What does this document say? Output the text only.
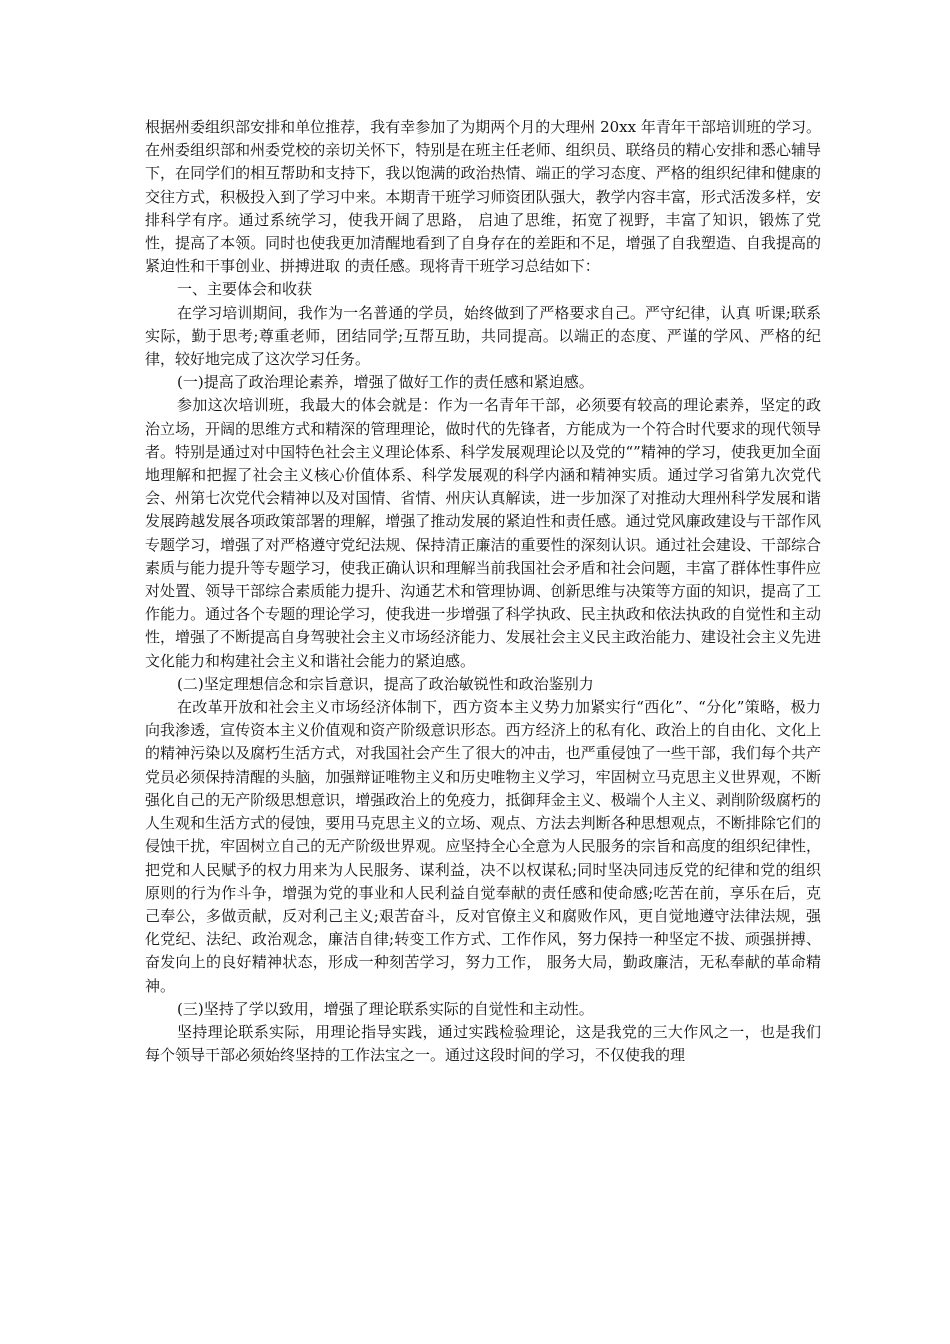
根据州委组织部安排和单位推荐，我有幸参加了为期两个月的大理州 20xx 年青年干部培训班的学习。在州委组织部和州委党校的亲切关怀下，特别是在班主任老师、组织员、联络员的精心安排和悉心辅导下，在同学们的相互帮助和支持下，我以饱满的政治热情、端正的学习态度、严格的组织纪律和健康的交往方式，积极投入到了学习中来。本期青干班学习师资团队强大，教学内容丰富，形式活泼多样，安排科学有序。通过系统学习，使我开阔了思路， 启迪了思维，拓宽了视野，丰富了知识，锻炼了党性，提高了本领。同时也使我更加清醒地看到了自身存在的差距和不足，增强了自我塑造、自我提高的紧迫性和干事创业、拼搏进取 的责任感。现将青干班学习总结如下：

一、主要体会和收获

在学习培训期间，我作为一名普通的学员，始终做到了严格要求自己。严守纪律，认真 听课;联系实际，勤于思考;尊重老师，团结同学;互帮互助，共同提高。以端正的态度、严谨的学风、严格的纪律，较好地完成了这次学习任务。

(一)提高了政治理论素养，增强了做好工作的责任感和紧迫感。

参加这次培训班，我最大的体会就是：作为一名青年干部，必须要有较高的理论素养，坚定的政治立场，开阔的思维方式和精深的管理理论，做时代的先锋者，方能成为一个符合时代要求的现代领导者。特别是通过对中国特色社会主义理论体系、科学发展观理论以及党的“”精神的学习，使我更加全面地理解和把握了社会主义核心价值体系、科学发展观的科学内涵和精神实质。通过学习省第九次党代会、州第七次党代会精神以及对国情、省情、州庆认真解读，进一步加深了对推动大理州科学发展和谐发展跨越发展各项政策部署的理解，增强了推动发展的紧迫性和责任感。通过党风廉政建设与干部作风专题学习，增强了对严格遵守党纪法规、保持清正廉洁的重要性的深刻认识。通过社会建设、干部综合素质与能力提升等专题学习，使我正确认识和理解当前我国社会矛盾和社会问题，丰富了群体性事件应对处置、领导干部综合素质能力提升、沟通艺术和管理协调、创新思维与决策等方面的知识，提高了工作能力。通过各个专题的理论学习，使我进一步增强了科学执政、民主执政和依法执政的自觉性和主动性，增强了不断提高自身驾驶社会主义市场经济能力、发展社会主义民主政治能力、建设社会主义先进文化能力和构建社会主义和谐社会能力的紧迫感。

(二)坚定理想信念和宗旨意识，提高了政治敏锐性和政治鉴别力

在改革开放和社会主义市场经济体制下，西方资本主义势力加紧实行“西化”、“分化”策略，极力向我渗透，宣传资本主义价值观和资产阶级意识形态。西方经济上的私有化、政治上的自由化、文化上的精神污染以及腐朽生活方式，对我国社会产生了很大的冲击，也严重侵蚀了一些干部，我们每个共产党员必须保持清醒的头脑，加强辩证唯物主义和历史唯物主义学习，牢固树立马克思主义世界观，不断强化自己的无产阶级思想意识，增强政治上的免疫力，抵御拜金主义、极端个人主义、剥削阶级腐朽的人生观和生活方式的侵蚀，要用马克思主义的立场、观点、方法去判断各种思想观点，不断排除它们的侵蚀干扰，牢固树立自己的无产阶级世界观。应坚持全心全意为人民服务的宗旨和高度的组织纪律性，把党和人民赋予的权力用来为人民服务、谋利益，决不以权谋私;同时坚决同违反党的纪律和党的组织原则的行为作斗争，增强为党的事业和人民利益自觉奉献的责任感和使命感;吃苦在前，享乐在后，克己奉公，多做贡献，反对利己主义;艰苦奋斗，反对官僚主义和腐败作风，更自觉地遵守法律法规，强化党纪、法纪、政治观念，廉洁自律;转变工作方式、工作作风，努力保持一种坚定不拔、顽强拼搏、奋发向上的良好精神状态，形成一种刻苦学习，努力工作， 服务大局，勤政廉洁，无私奉献的革命精神。

(三)坚持了学以致用，增强了理论联系实际的自觉性和主动性。

坚持理论联系实际，用理论指导实践，通过实践检验理论，这是我党的三大作风之一，也是我们每个领导干部必须始终坚持的工作法宝之一。通过这段时间的学习，不仅使我的理
